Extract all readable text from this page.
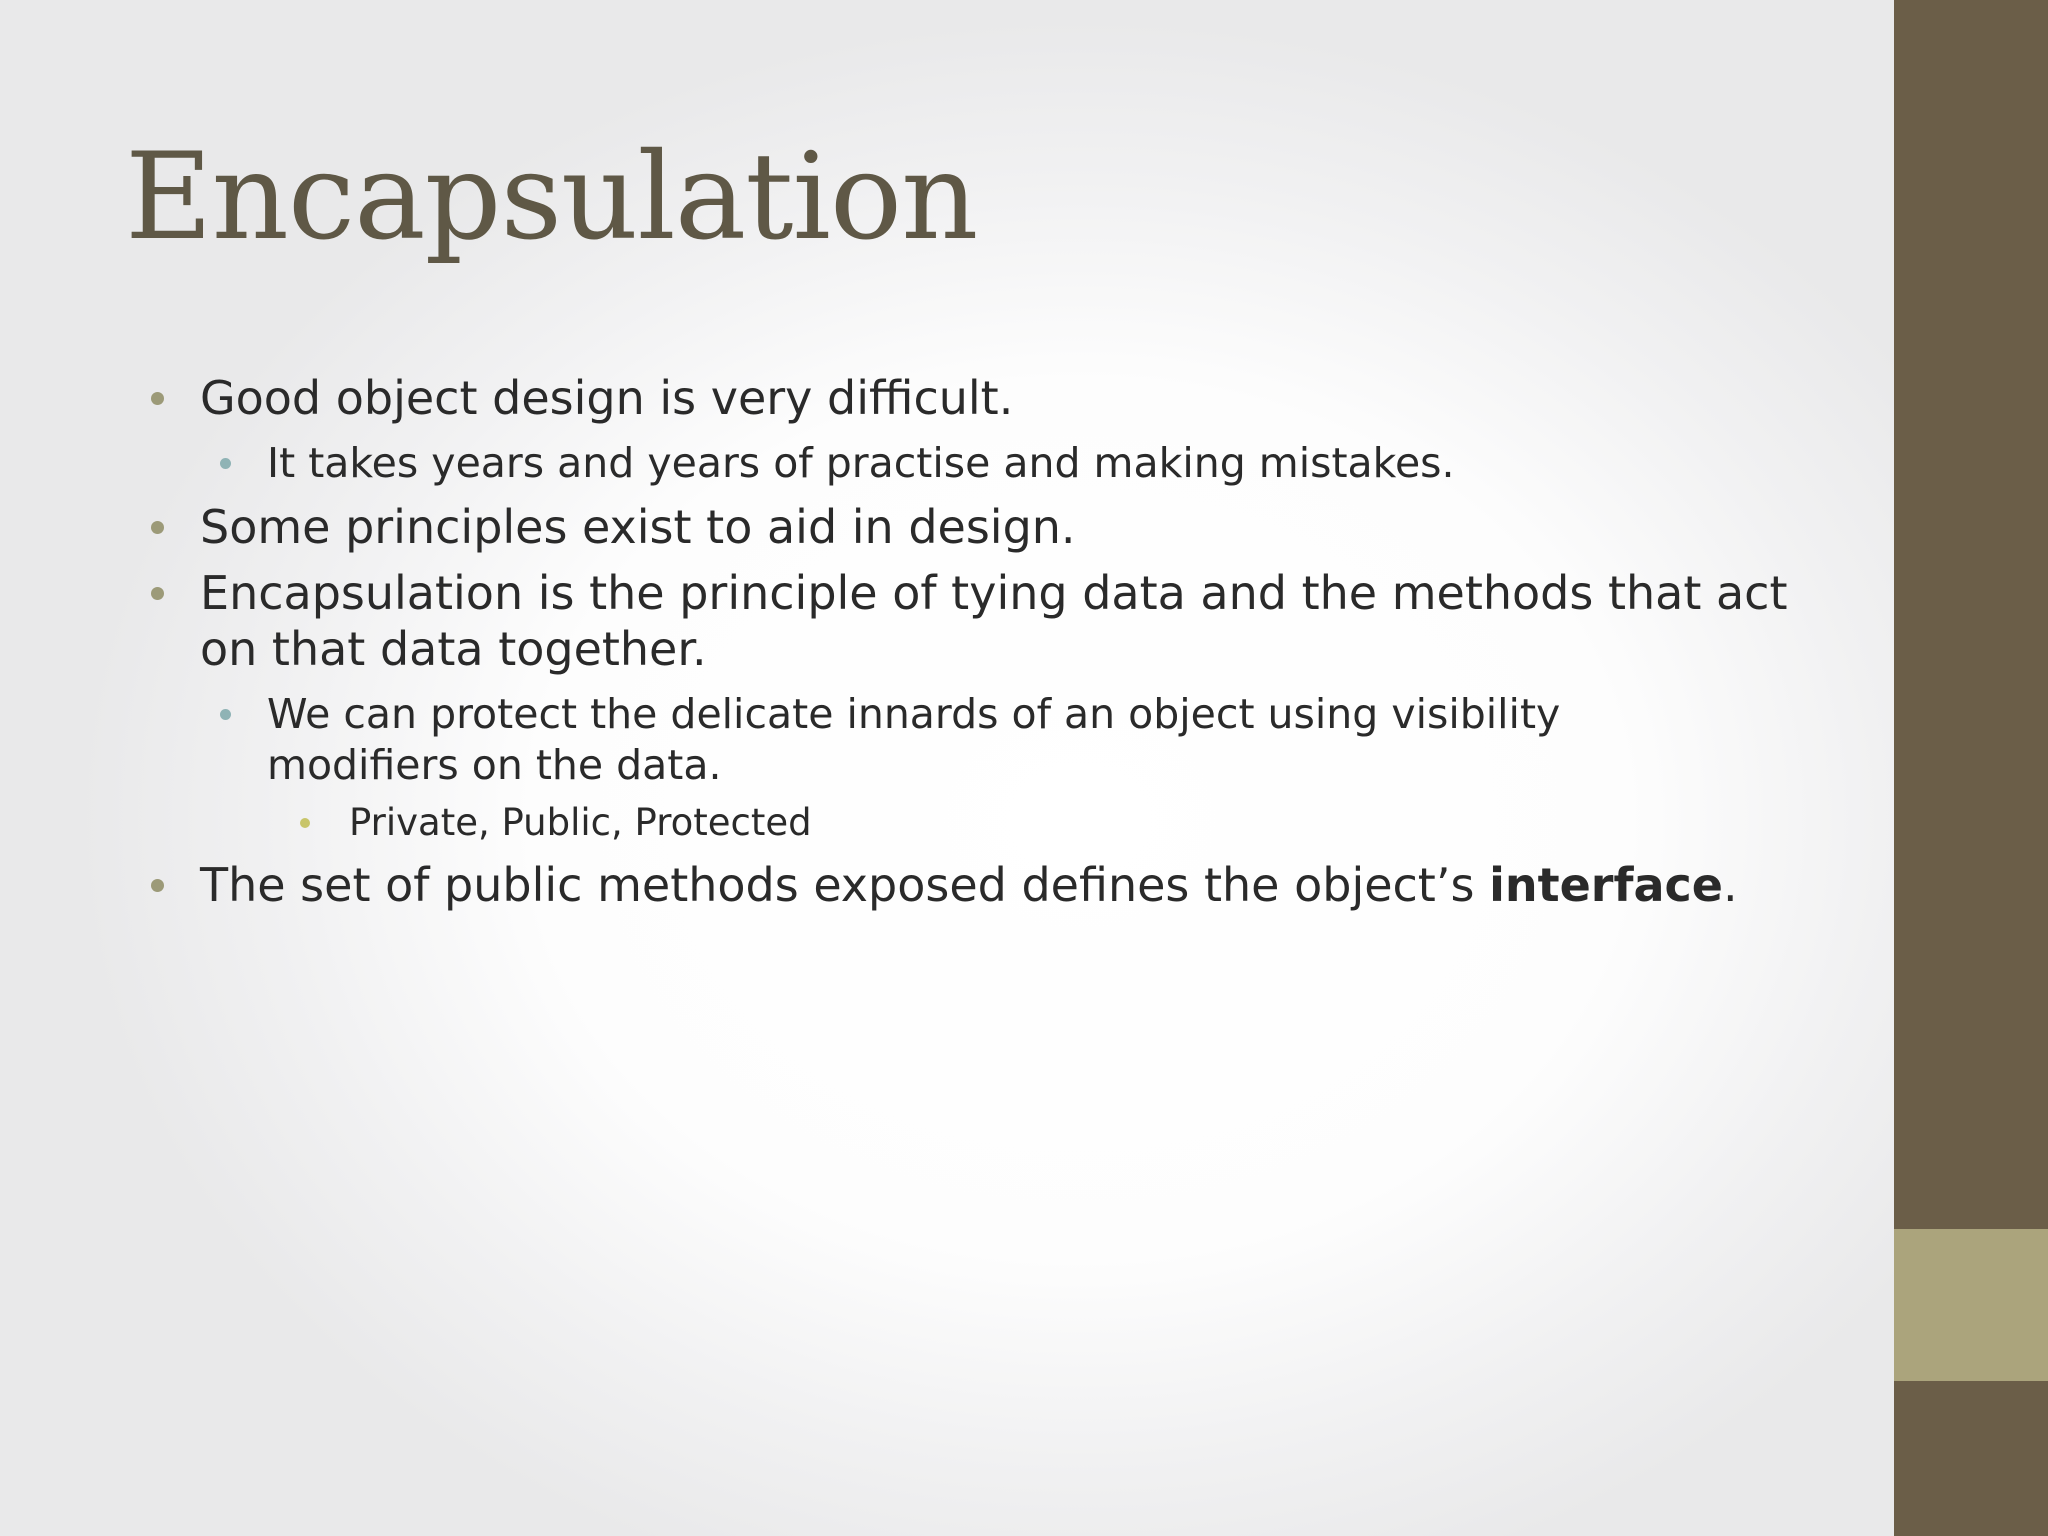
Encapsulation
Good object design is very difficult.
It takes years and years of practise and making mistakes.
Some principles exist to aid in design.
Encapsulation is the principle of tying data and the methods that act on that data together.
We can protect the delicate innards of an object using visibility modifiers on the data.
Private, Public, Protected
The set of public methods exposed defines the object’s interface.
